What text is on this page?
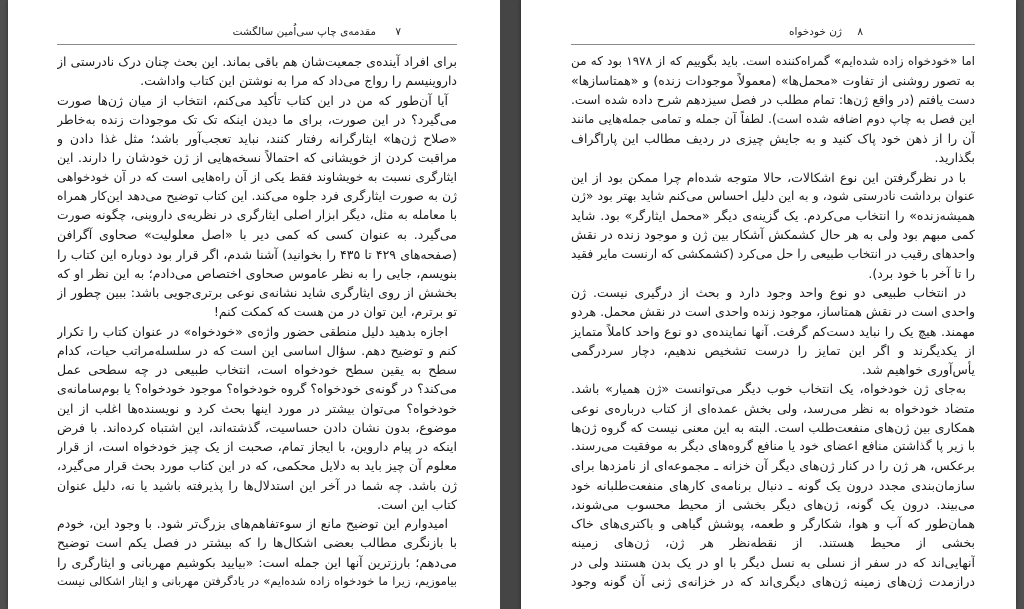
مقدمه‌ی چاپ سی‌اُمین سالگشت ۷
برای افراد آینده‌ی جمعیت‌شان هم باقی بماند. این بحث چنان درک نادرستی از
داروینیسم را رواج می‌داد که مرا به نوشتن این کتاب واداشت.
آیا آن‌طور که من در این کتاب تأکید می‌کنم، انتخاب از میان ژن‌ها صورت
می‌گیرد؟ در این صورت، برای ما دیدن اینکه تک تک موجودات زنده به‌خاطر
«صلاح ژن‌ها» ایثارگرانه رفتار کنند، نباید تعجب‌آور باشد؛ مثل غذا دادن و
مراقبت کردن از خویشانی که احتمالاً نسخه‌هایی از ژن خودشان را دارند. این
ایثارگری نسبت به خویشاوند فقط یکی از آن راه‌هایی است که در آن خودخواهی
ژن به صورت ایثارگری فرد جلوه می‌کند. این کتاب توضیح می‌دهد این‌کار همراه
با معامله به مثل، دیگر ابزار اصلی ایثارگری در نظریه‌ی داروینی، چگونه صورت
می‌گیرد. به عنوان کسی که کمی دیر با «اصل معلولیت» صحاوی آگرافن
(صفحه‌های ۴۲۹ تا ۴۳۵ را بخوانید) آشنا شدم، اگر قرار بود دوباره این کتاب را
بنویسم، جایی را به نظر عاموس صحاوی اختصاص می‌دادم؛ به این نظر او که
بخشش از روی ایثارگری شاید نشانه‌ی نوعی برتری‌جویی باشد: ببین چطور از
تو برترم، این توان در من هست که کمکت کنم!
اجازه بدهید دلیل منطقی حضور واژه‌ی «خودخواه» در عنوان کتاب را تکرار
کنم و توضیح دهم. سؤال اساسی این است که در سلسله‌مراتب حیات، کدام
سطح به یقین سطح خودخواه است، انتخاب طبیعی در چه سطحی عمل
می‌کند؟ در گونه‌ی خودخواه؟ گروه خودخواه؟ موجود خودخواه؟ یا بوم‌سامانه‌ی
خودخواه؟ می‌توان بیشتر در مورد اینها بحث کرد و نویسنده‌ها اغلب از این
موضوع، بدون نشان دادن حساسیت، گذشته‌اند، این اشتباه کرده‌اند. با فرض
اینکه در پیام داروین، با ایجاز تمام، صحبت از یک چیز خودخواه است، از قرار
معلوم آن چیز باید به دلایل محکمی، که در این کتاب مورد بحث قرار می‌گیرد،
ژن باشد. چه شما در آخر این استدلال‌ها را پذیرفته باشید یا نه، دلیل عنوان
کتاب این است.
امیدوارم این توضیح مانع از سوء‌تفاهم‌های بزرگ‌تر شود. با وجود این، خودم
با بازنگری مطالب بعضی اشکال‌ها را که بیشتر در فصل یکم است توضیح
می‌دهم؛ بارزترین آنها این جمله است: «بیایید بکوشیم مهربانی و ایثارگری را
بیاموزیم، زیرا ما خودخواه زاده شده‌ایم» در یادگرفتن مهربانی و ایثار اشکالی نیست
ژن خودخواه ۸
اما «خودخواه زاده شده‌ایم» گمراه‌کننده است. باید بگوییم که از ۱۹۷۸ بود که من
به تصور روشنی از تفاوت «محمل‌ها» (معمولاً موجودات زنده) و «همتاسازها»
دست یافتم (در واقع ژن‌ها: تمام مطلب در فصل سیزدهم شرح داده شده است.
این فصل به چاپ دوم اضافه شده است). لطفاً آن جمله و تمامی جمله‌هایی مانند
آن را از ذهن خود پاک کنید و به جایش چیزی در ردیف مطالب این پاراگراف
بگذارید.
با در نظرگرفتن این نوع اشکالات، حالا متوجه شده‌ام چرا ممکن بود از این
عنوان برداشت نادرستی شود، و به این دلیل احساس می‌کنم شاید بهتر بود «ژن
همیشه‌زنده» را انتخاب می‌کردم. یک گزینه‌ی دیگر «محمل ایثارگر» بود. شاید
کمی مبهم بود ولی به هر حال کشمکش آشکار بین ژن و موجود زنده در نقش
واحدهای رقیب در انتخاب طبیعی را حل می‌کرد (کشمکشی که ارنست مایر فقید
را تا آخر با خود برد).
در انتخاب طبیعی دو نوع واحد وجود دارد و بحث از درگیری نیست. ژن
واحدی است در نقش همتاساز، موجود زنده واحدی است در نقش محمل. هردو
مهمند. هیچ یک را نباید دست‌کم گرفت. آنها نماینده‌ی دو نوع واحد کاملاً متمایز
از یکدیگرند و اگر این تمایز را درست تشخیص ندهیم، دچار سردرگمی
یأس‌آوری خواهیم شد.
به‌جای ژن خودخواه، یک انتخاب خوب دیگر می‌توانست «ژن همیار» باشد.
متضاد خودخواه به نظر می‌رسد، ولی بخش عمده‌ای از کتاب درباره‌ی نوعی
همکاری بین ژن‌های منفعت‌طلب است. البته به این معنی نیست که گروه ژن‌ها
با زیر پا گذاشتن منافع اعضای خود یا منافع گروه‌های دیگر به موفقیت می‌رسند.
برعکس، هر ژن را در کنار ژن‌های دیگر آن خزانه ـ مجموعه‌ای از نامزدها برای
سازمان‌بندی مجدد درون یک گونه ـ دنبال برنامه‌ی کارهای منفعت‌طلبانه خود
می‌بیند. درون یک گونه، ژن‌های دیگر بخشی از محیط محسوب می‌شوند،
همان‌طور که آب و هوا، شکارگر و طعمه، پوشش گیاهی و باکتری‌های خاک
بخشی از محیط هستند. از نقطه‌نظر هر ژن، ژن‌های زمینه
آنهایی‌اند که در سفر از نسلی به نسل دیگر با او در یک بدن هستند ولی در
درازمدت ژن‌های زمینه ژن‌های دیگری‌اند که در خزانه‌ی ژنی آن گونه وجود
